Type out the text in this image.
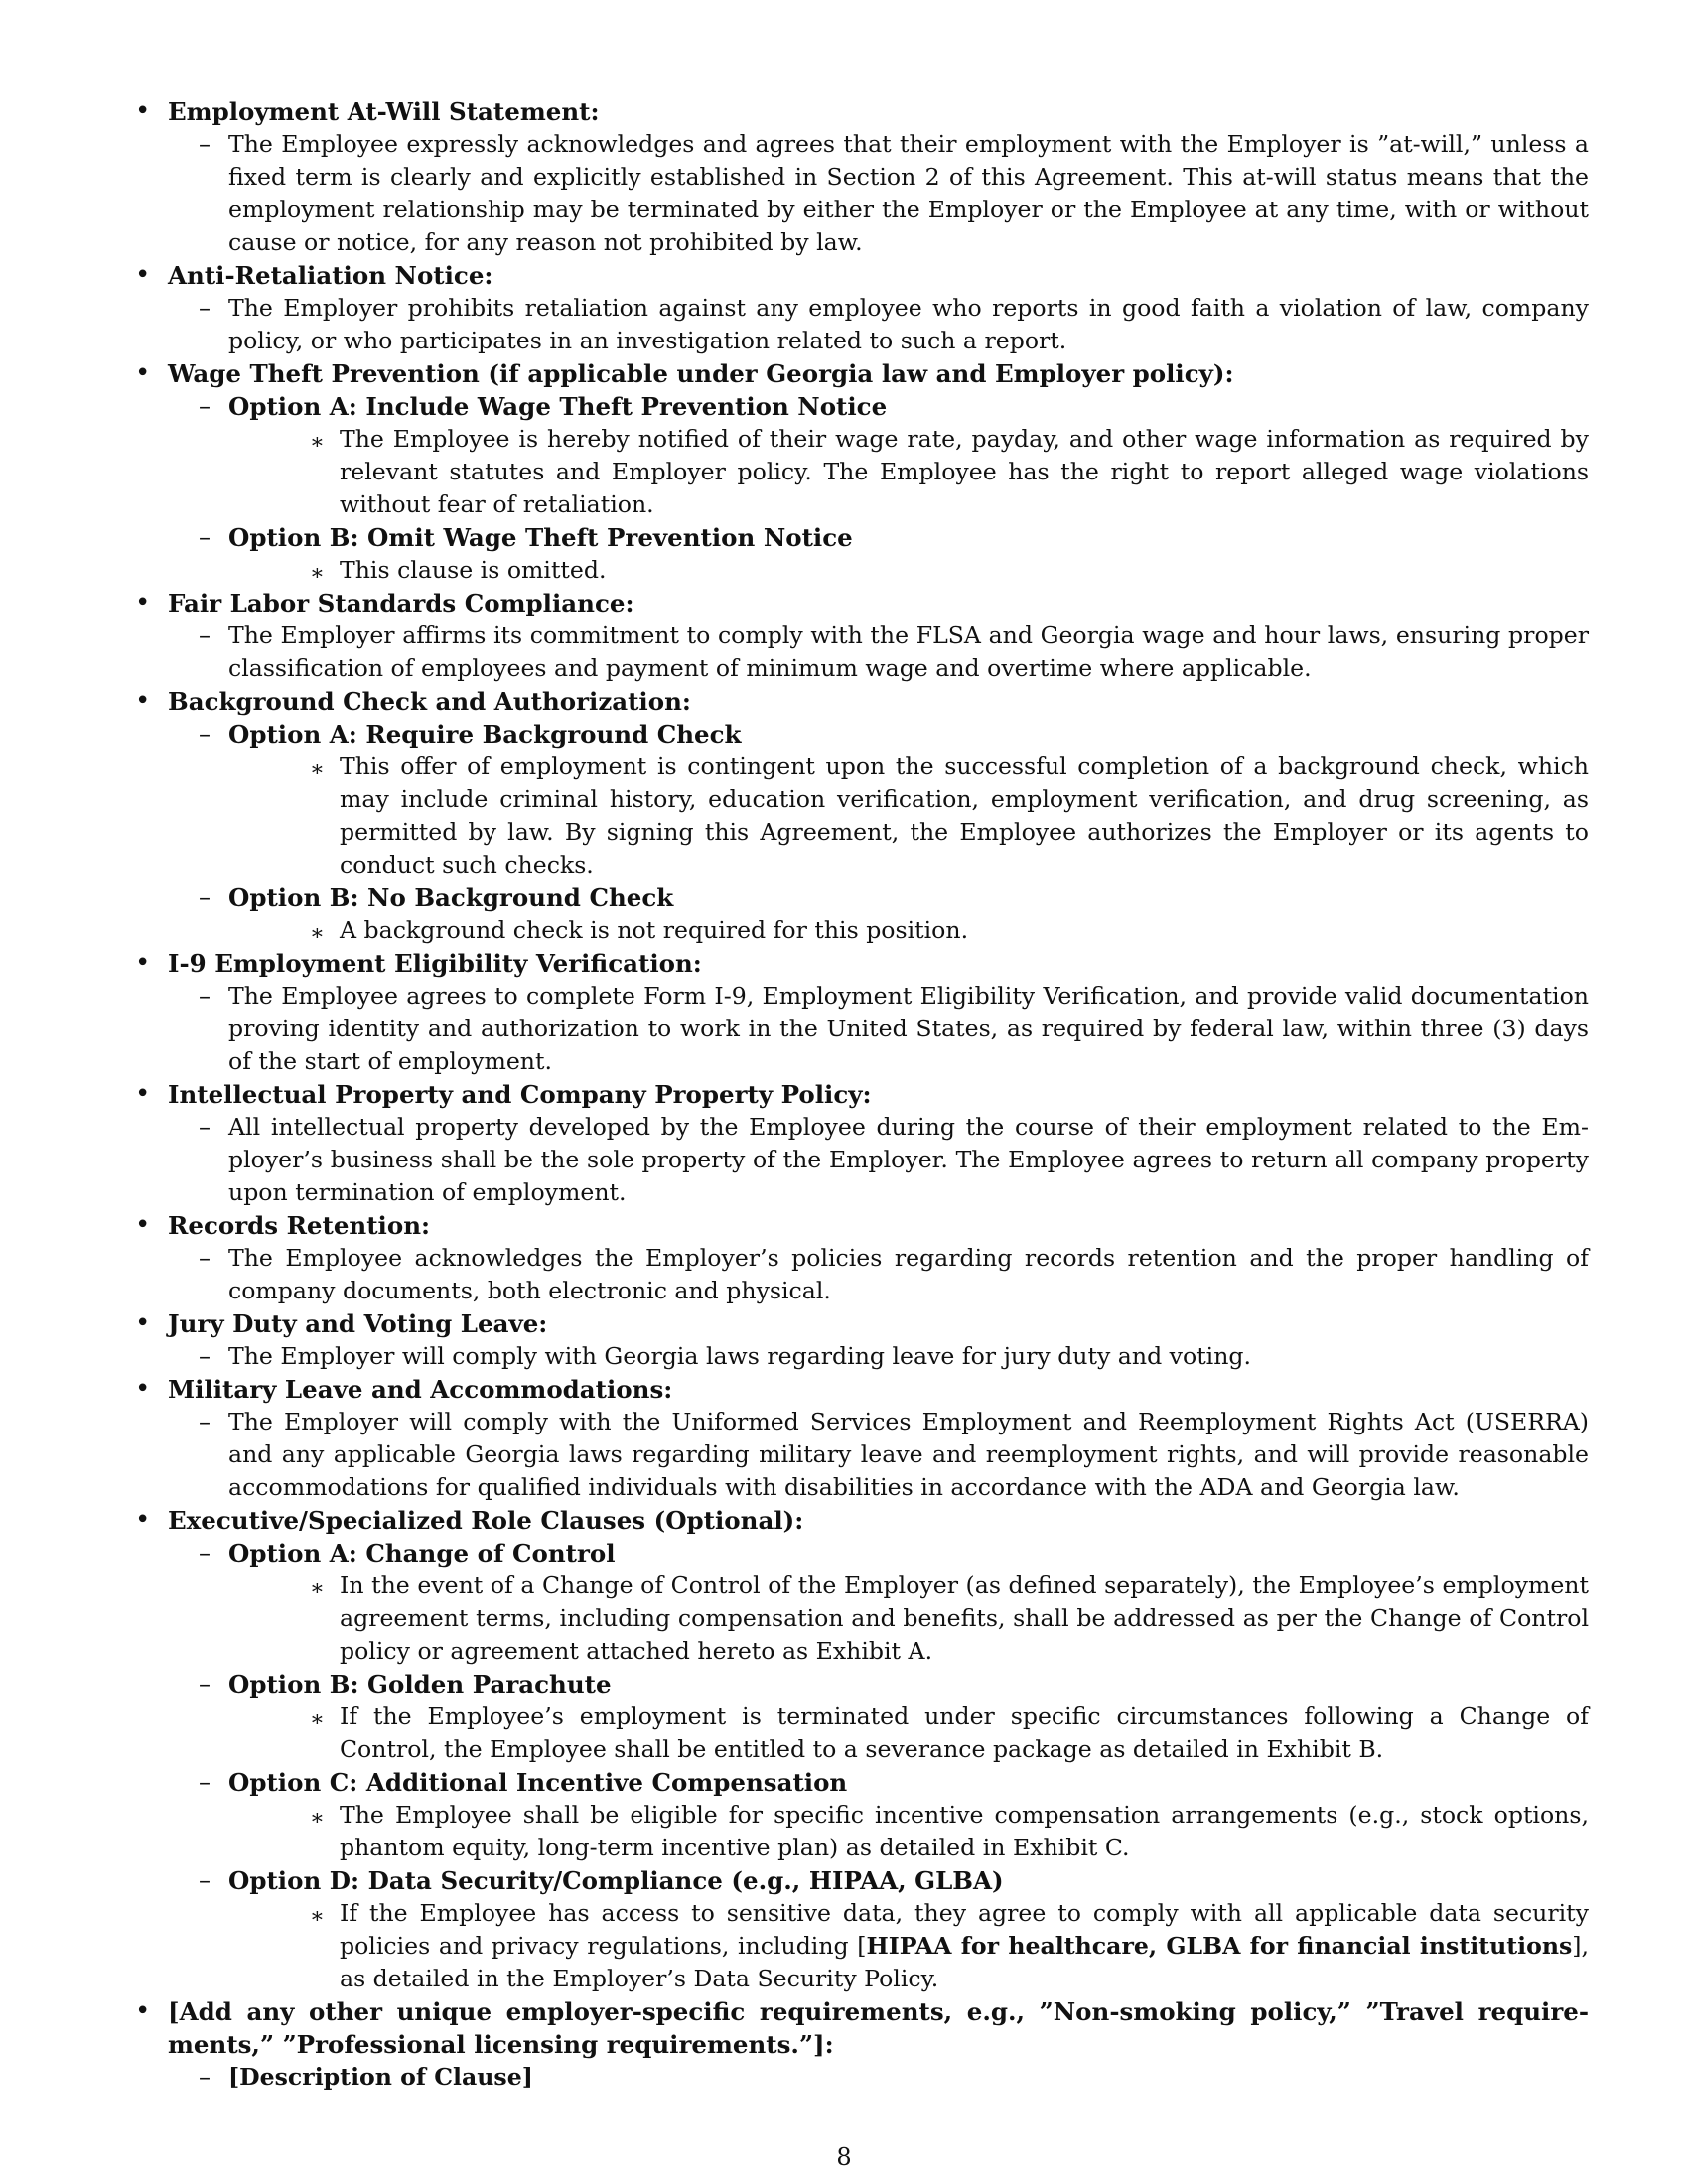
• Employment At-Will Statement:
– The Employee expressly acknowledges and agrees that their employment with the Employer is ”at-will,” unless a fixed term is clearly and explicitly established in Section 2 of this Agreement. This at-will status means that the employment relationship may be terminated by either the Employer or the Employee at any time, with or without cause or notice, for any reason not prohibited by law.
• Anti-Retaliation Notice:
– The Employer prohibits retaliation against any employee who reports in good faith a violation of law, company policy, or who participates in an investigation related to such a report.
• Wage Theft Prevention (if applicable under Georgia law and Employer policy):
– Option A: Include Wage Theft Prevention Notice
∗ The Employee is hereby notified of their wage rate, payday, and other wage information as required by relevant statutes and Employer policy. The Employee has the right to report alleged wage violations without fear of retaliation.
– Option B: Omit Wage Theft Prevention Notice
∗ This clause is omitted.
• Fair Labor Standards Compliance:
– The Employer affirms its commitment to comply with the FLSA and Georgia wage and hour laws, ensuring proper classification of employees and payment of minimum wage and overtime where applicable.
• Background Check and Authorization:
– Option A: Require Background Check
∗ This offer of employment is contingent upon the successful completion of a background check, which may include criminal history, education verification, employment verification, and drug screening, as permitted by law. By signing this Agreement, the Employee authorizes the Employer or its agents to conduct such checks.
– Option B: No Background Check
∗ A background check is not required for this position.
• I-9 Employment Eligibility Verification:
– The Employee agrees to complete Form I-9, Employment Eligibility Verification, and provide valid documentation proving identity and authorization to work in the United States, as required by federal law, within three (3) days of the start of employment.
• Intellectual Property and Company Property Policy:
– All intellectual property developed by the Employee during the course of their employment related to the Employer’s business shall be the sole property of the Employer. The Employee agrees to return all company property upon termination of employment.
• Records Retention:
– The Employee acknowledges the Employer’s policies regarding records retention and the proper handling of company documents, both electronic and physical.
• Jury Duty and Voting Leave:
– The Employer will comply with Georgia laws regarding leave for jury duty and voting.
• Military Leave and Accommodations:
– The Employer will comply with the Uniformed Services Employment and Reemployment Rights Act (USERRA) and any applicable Georgia laws regarding military leave and reemployment rights, and will provide reasonable accommodations for qualified individuals with disabilities in accordance with the ADA and Georgia law.
• Executive/Specialized Role Clauses (Optional):
– Option A: Change of Control
∗ In the event of a Change of Control of the Employer (as defined separately), the Employee’s employment agreement terms, including compensation and benefits, shall be addressed as per the Change of Control policy or agreement attached hereto as Exhibit A.
– Option B: Golden Parachute
∗ If the Employee’s employment is terminated under specific circumstances following a Change of Control, the Employee shall be entitled to a severance package as detailed in Exhibit B.
– Option C: Additional Incentive Compensation
∗ The Employee shall be eligible for specific incentive compensation arrangements (e.g., stock options, phantom equity, long-term incentive plan) as detailed in Exhibit C.
– Option D: Data Security/Compliance (e.g., HIPAA, GLBA)
∗ If the Employee has access to sensitive data, they agree to comply with all applicable data security policies and privacy regulations, including [HIPAA for healthcare, GLBA for financial institutions], as detailed in the Employer’s Data Security Policy.
• [Add any other unique employer-specific requirements, e.g., ”Non-smoking policy,” ”Travel requirements,” ”Professional licensing requirements.”]:
– [Description of Clause]
8
